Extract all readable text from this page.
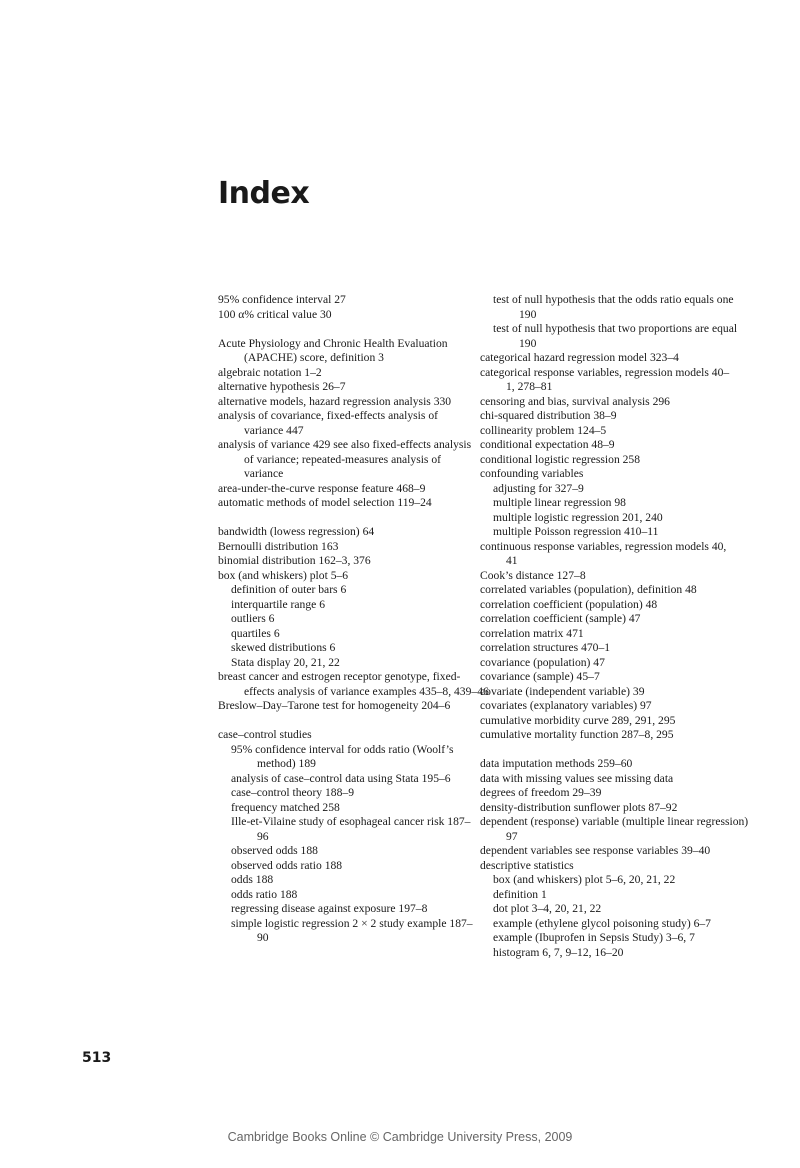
Index
95% confidence interval 27
100 α% critical value 30
Acute Physiology and Chronic Health Evaluation (APACHE) score, definition 3
algebraic notation 1–2
alternative hypothesis 26–7
alternative models, hazard regression analysis 330
analysis of covariance, fixed-effects analysis of variance 447
analysis of variance 429 see also fixed-effects analysis of variance; repeated-measures analysis of variance
area-under-the-curve response feature 468–9
automatic methods of model selection 119–24
bandwidth (lowess regression) 64
Bernoulli distribution 163
binomial distribution 162–3, 376
box (and whiskers) plot 5–6
definition of outer bars 6
interquartile range 6
outliers 6
quartiles 6
skewed distributions 6
Stata display 20, 21, 22
breast cancer and estrogen receptor genotype, fixed-effects analysis of variance examples 435–8, 439–46
Breslow–Day–Tarone test for homogeneity 204–6
case–control studies
95% confidence interval for odds ratio (Woolf’s method) 189
analysis of case–control data using Stata 195–6
case–control theory 188–9
frequency matched 258
Ille-et-Vilaine study of esophageal cancer risk 187–96
observed odds 188
observed odds ratio 188
odds 188
odds ratio 188
regressing disease against exposure 197–8
simple logistic regression 2 × 2 study example 187–90
test of null hypothesis that the odds ratio equals one 190
test of null hypothesis that two proportions are equal 190
categorical hazard regression model 323–4
categorical response variables, regression models 40–1, 278–81
censoring and bias, survival analysis 296
chi-squared distribution 38–9
collinearity problem 124–5
conditional expectation 48–9
conditional logistic regression 258
confounding variables
adjusting for 327–9
multiple linear regression 98
multiple logistic regression 201, 240
multiple Poisson regression 410–11
continuous response variables, regression models 40, 41
Cook’s distance 127–8
correlated variables (population), definition 48
correlation coefficient (population) 48
correlation coefficient (sample) 47
correlation matrix 471
correlation structures 470–1
covariance (population) 47
covariance (sample) 45–7
covariate (independent variable) 39
covariates (explanatory variables) 97
cumulative morbidity curve 289, 291, 295
cumulative mortality function 287–8, 295
data imputation methods 259–60
data with missing values see missing data
degrees of freedom 29–39
density-distribution sunflower plots 87–92
dependent (response) variable (multiple linear regression) 97
dependent variables see response variables 39–40
descriptive statistics
box (and whiskers) plot 5–6, 20, 21, 22
definition 1
dot plot 3–4, 20, 21, 22
example (ethylene glycol poisoning study) 6–7
example (Ibuprofen in Sepsis Study) 3–6, 7
histogram 6, 7, 9–12, 16–20
513
Cambridge Books Online © Cambridge University Press, 2009
